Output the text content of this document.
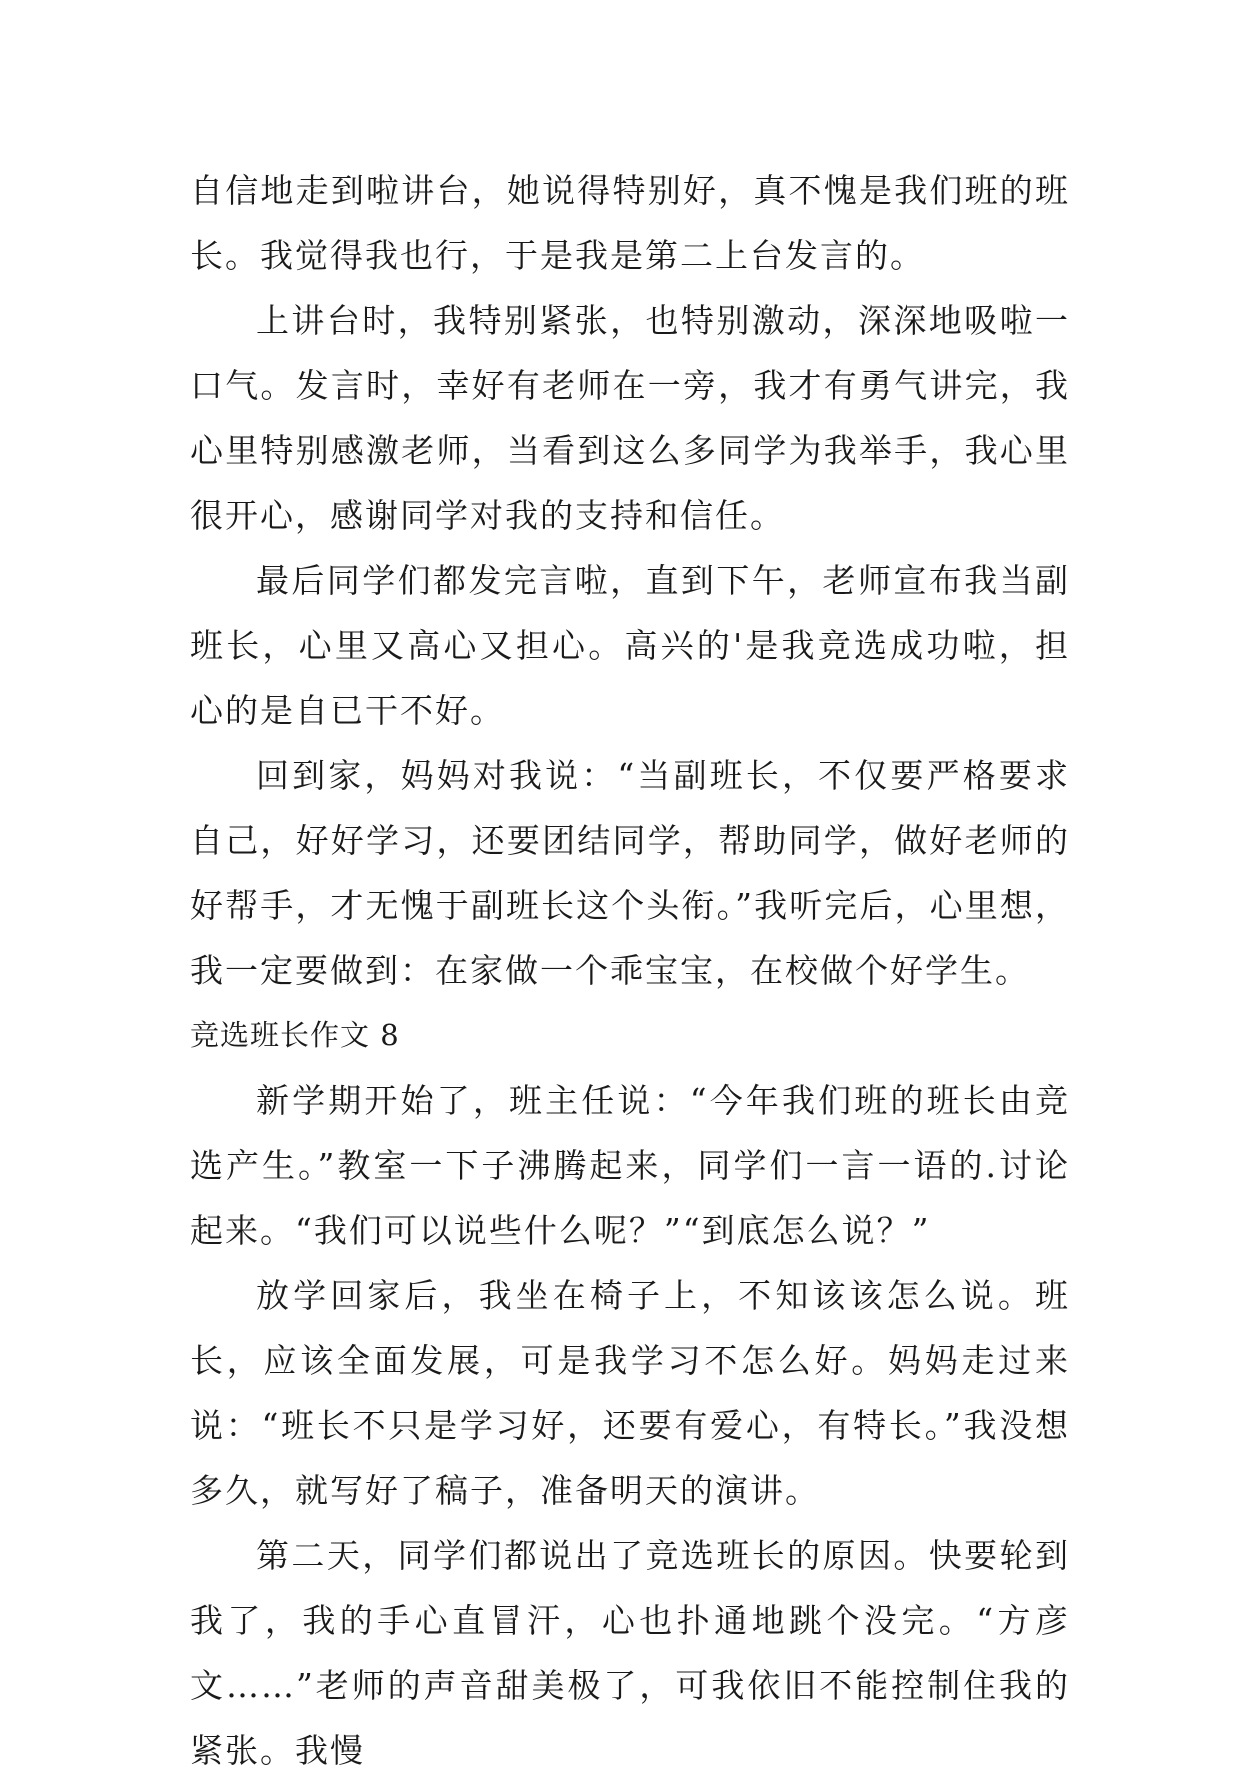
自信地走到啦讲台，她说得特别好，真不愧是我们班的班长。我觉得我也行，于是我是第二上台发言的。

上讲台时，我特别紧张，也特别激动，深深地吸啦一口气。发言时，幸好有老师在一旁，我才有勇气讲完，我心里特别感激老师，当看到这么多同学为我举手，我心里很开心，感谢同学对我的支持和信任。

最后同学们都发完言啦，直到下午，老师宣布我当副班长，心里又高心又担心。高兴的'是我竞选成功啦，担心的是自已干不好。

回到家，妈妈对我说：“当副班长，不仅要严格要求自己，好好学习，还要团结同学，帮助同学，做好老师的好帮手，才无愧于副班长这个头衔。”我听完后，心里想，我一定要做到：在家做一个乖宝宝，在校做个好学生。

竞选班长作文 8

新学期开始了，班主任说：“今年我们班的班长由竞选产生。”教室一下子沸腾起来，同学们一言一语的.讨论起来。“我们可以说些什么呢？”“到底怎么说？”

放学回家后，我坐在椅子上，不知该该怎么说。班长，应该全面发展，可是我学习不怎么好。妈妈走过来说：“班长不只是学习好，还要有爱心，有特长。”我没想多久，就写好了稿子，准备明天的演讲。

第二天，同学们都说出了竞选班长的原因。快要轮到我了，我的手心直冒汗，心也扑通地跳个没完。“方彦文……”老师的声音甜美极了，可我依旧不能控制住我的紧张。我慢
